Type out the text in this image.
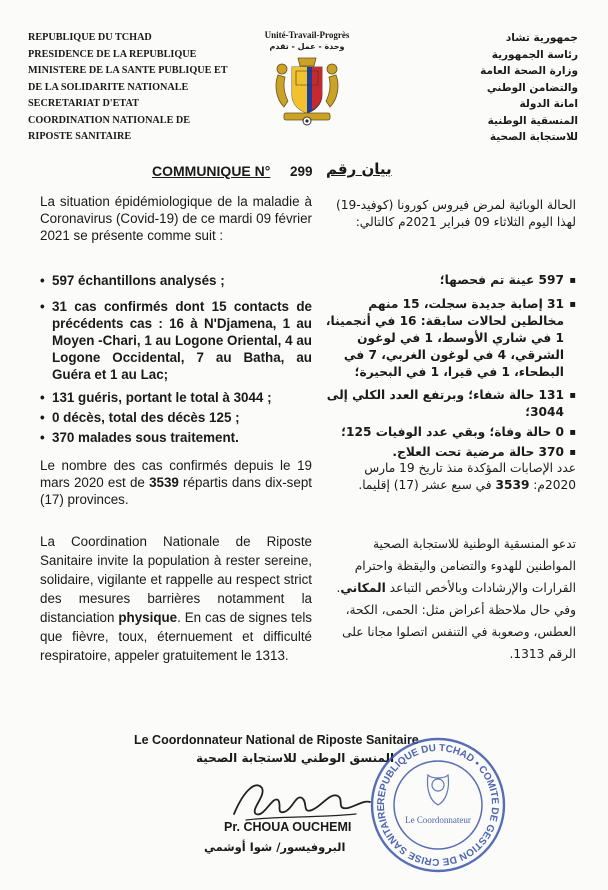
REPUBLIQUE DU TCHAD
PRESIDENCE DE LA REPUBLIQUE
MINISTERE DE LA SANTE PUBLIQUE ET
DE LA SOLIDARITE NATIONALE
SECRETARIAT D'ETAT
COORDINATION NATIONALE DE
RIPOSTE SANITAIRE
جمهورية تشاد
رئاسة الجمهورية
وزارة الصحة العامة
والتضامن الوطني
امانة الدولة
المنسقية الوطنية
للاستجابة الصحية
Unité-Travail-Progrès
وحدة - عمل - تقدم
COMMUNIQUE N° 299 بيان رقم
La situation épidémiologique de la maladie à Coronavirus (Covid-19) de ce mardi 09 février 2021 se présente comme suit :
• 597 échantillons analysés ;
• 31 cas confirmés dont 15 contacts de précédents cas : 16 à N'Djamena, 1 au Moyen -Chari, 1 au Logone Oriental, 4 au Logone Occidental, 7 au Batha, au Guéra et 1 au Lac;
• 131 guéris, portant le total à 3044 ;
• 0 décès, total des décès 125 ;
• 370 malades sous traitement.
Le nombre des cas confirmés depuis le 19 mars 2020 est de 3539 répartis dans dix-sept (17) provinces.
La Coordination Nationale de Riposte Sanitaire invite la population à rester sereine, solidaire, vigilante et rappelle au respect strict des mesures barrières notamment la distanciation physique. En cas de signes tels que fièvre, toux, éternuement et difficulté respiratoire, appeler gratuitement le 1313.
الحالة الوبائية لمرض فيروس كورونا (كوفيد-19) لهذا اليوم الثلاثاء 09 فبراير 2021م كالتالي:
▪ 597 عينة تم فحصها؛
▪ 31 إصابة جديدة سجلت، 15 منهم مخالطين لحالات سابقة: 16 في أنجمينا، 1 في شاري الأوسط، 1 في لوغون الشرقي، 4 في لوغون الغربي، 7 في البطحاء، 1 في قيرا، 1 في البحيرة؛
▪ 131 حالة شفاء؛ وبرتفع العدد الكلي إلى 3044؛
▪ 0 حالة وفاة؛ وبقي عدد الوفيات 125؛
▪ 370 حالة مرضية تحت العلاج.
عدد الإصابات المؤكدة منذ تاريخ 19 مارس 2020م: 3539 في سبع عشر (17) إقليما.
تدعو المنسقية الوطنية للاستجابة الصحية المواطنين للهدوء والتضامن واليقظة واحترام القرارات والإرشادات وبالأخص التباعد المكاني. وفي حال ملاحظة أعراض مثل: الحمى، الكحة، العطس، وصعوبة في التنفس اتصلوا مجانا على الرقم 1313.
Le Coordonnateur National de Riposte Sanitaire
المنسق الوطني للاستجابة الصحية
Pr. CHOUA OUCHEMI
البروفيسور/ شوا أوشمي
REPUBLIQUE DU TCHAD • COMITE DE GESTION DE CRISE SANITAIRE
Le Coordonnateur
